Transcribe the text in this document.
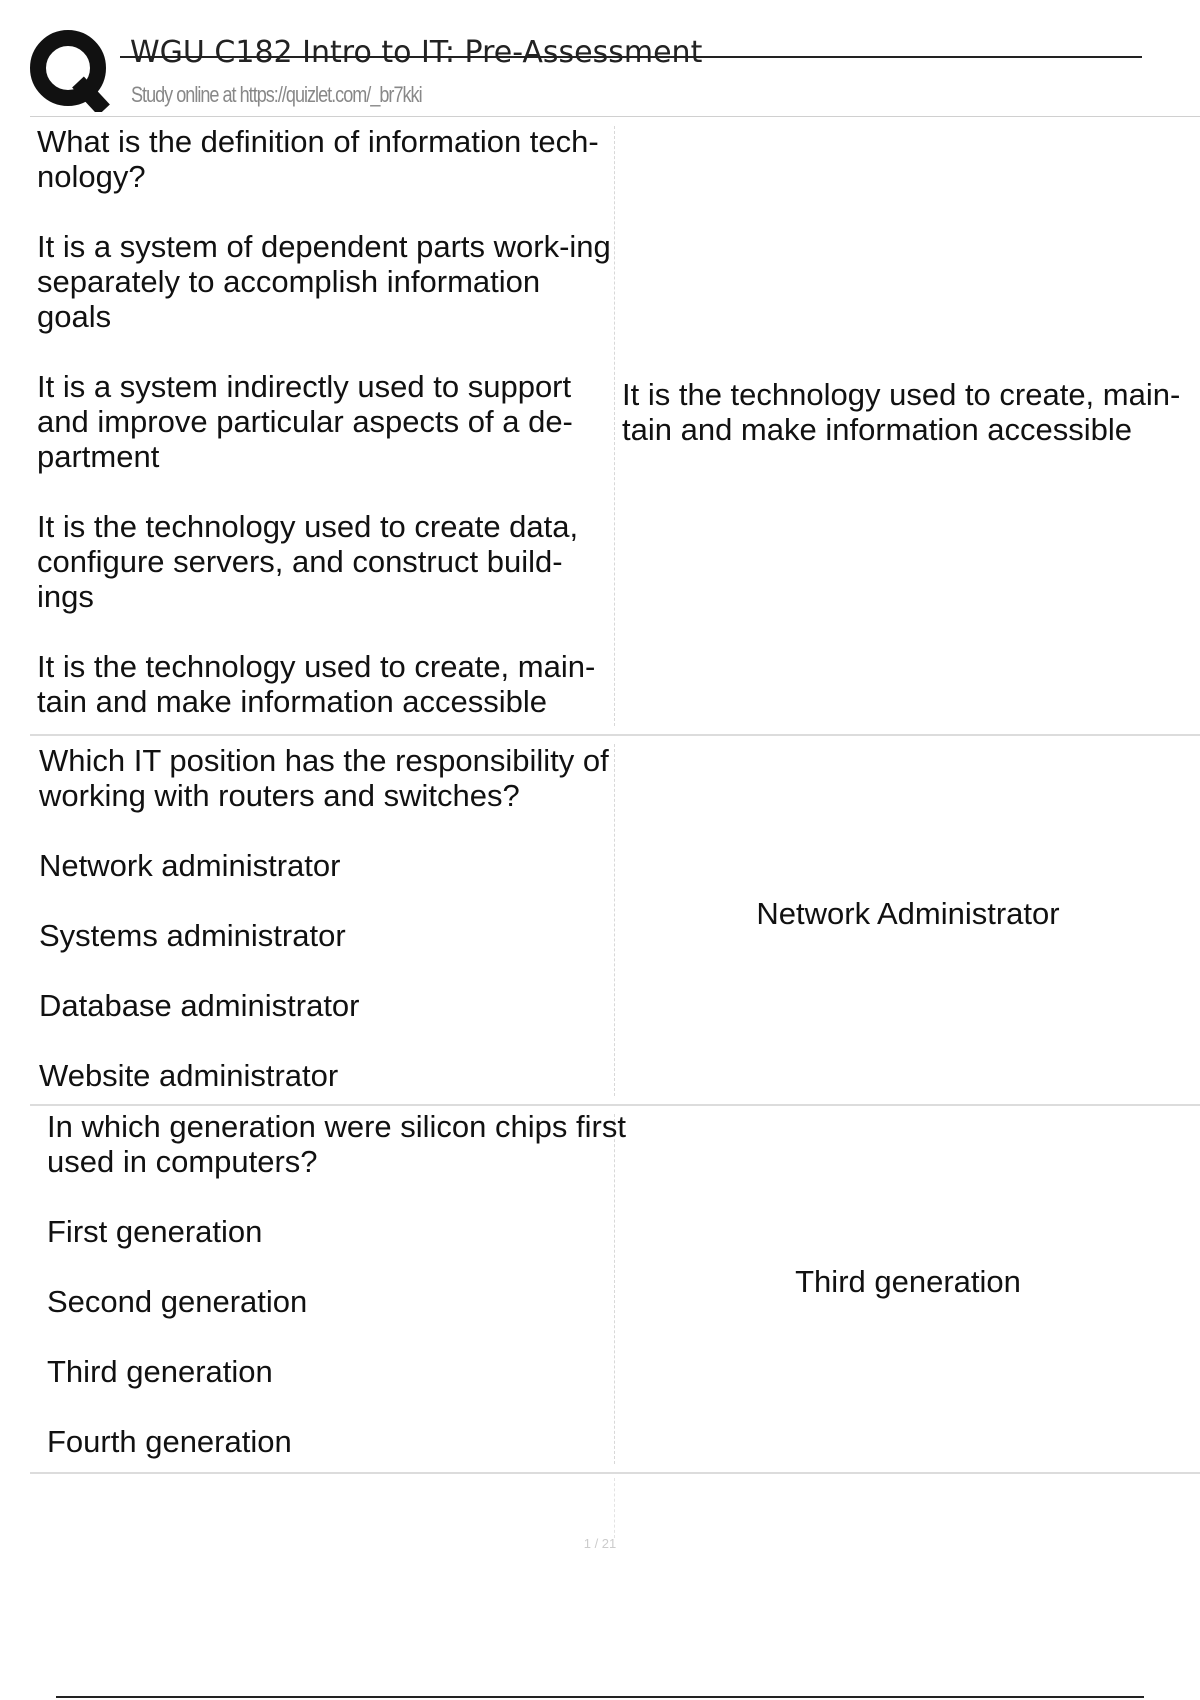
WGU C182 Intro to IT: Pre-Assessment
Study online at https://quizlet.com/_br7kki

What is the definition of information tech-nology?

It is a system of dependent parts work-ing separately to accomplish information goals

It is a system indirectly used to support and improve particular aspects of a de-partment

It is the technology used to create data, configure servers, and construct build-ings

It is the technology used to create, main-tain and make information accessible

It is the technology used to create, main-tain and make information accessible

Which IT position has the responsibility of working with routers and switches?

Network administrator

Systems administrator

Database administrator

Website administrator

Network Administrator

In which generation were silicon chips first used in computers?

First generation

Second generation

Third generation

Fourth generation

Third generation
1 / 21
